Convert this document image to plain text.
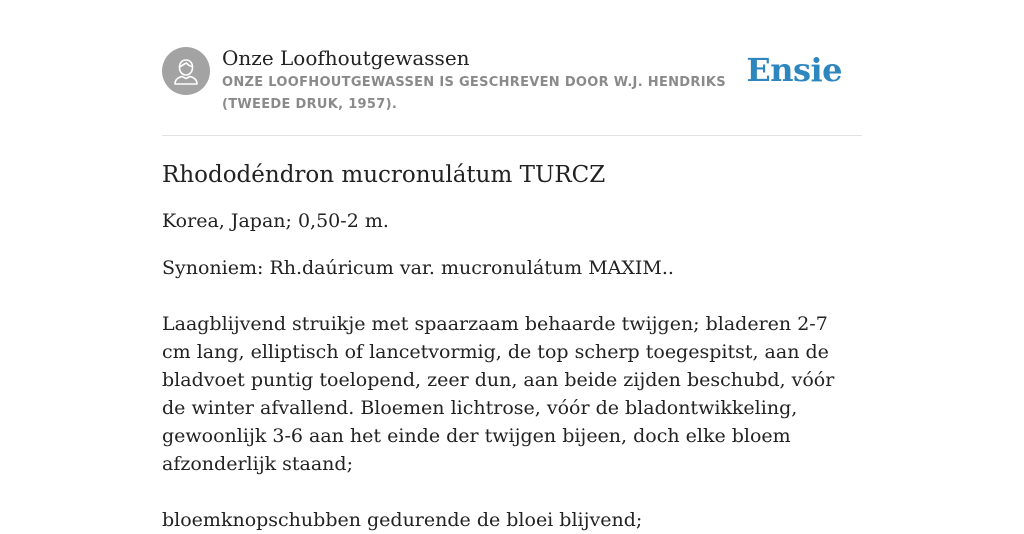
Onze Loofhoutgewassen
ONZE LOOFHOUTGEWASSEN IS GESCHREVEN DOOR W.J. HENDRIKS (TWEEDE DRUK, 1957).
Ensie
Rhododéndron mucronulátum TURCZ

Korea, Japan; 0,50-2 m.

Synoniem: Rh.daúricum var. mucronulátum MAXIM..

Laagblijvend struikje met spaarzaam behaarde twijgen; bladeren 2-7 cm lang, elliptisch of lancetvormig, de top scherp toegespitst, aan de bladvoet puntig toelopend, zeer dun, aan beide zijden beschubd, vóór de winter afvallend. Bloemen lichtrose, vóór de bladontwikkeling, gewoonlijk 3-6 aan het einde der twijgen bijeen, doch elke bloem afzonderlijk staand;

bloemknopschubben gedurende de bloei blijvend;
